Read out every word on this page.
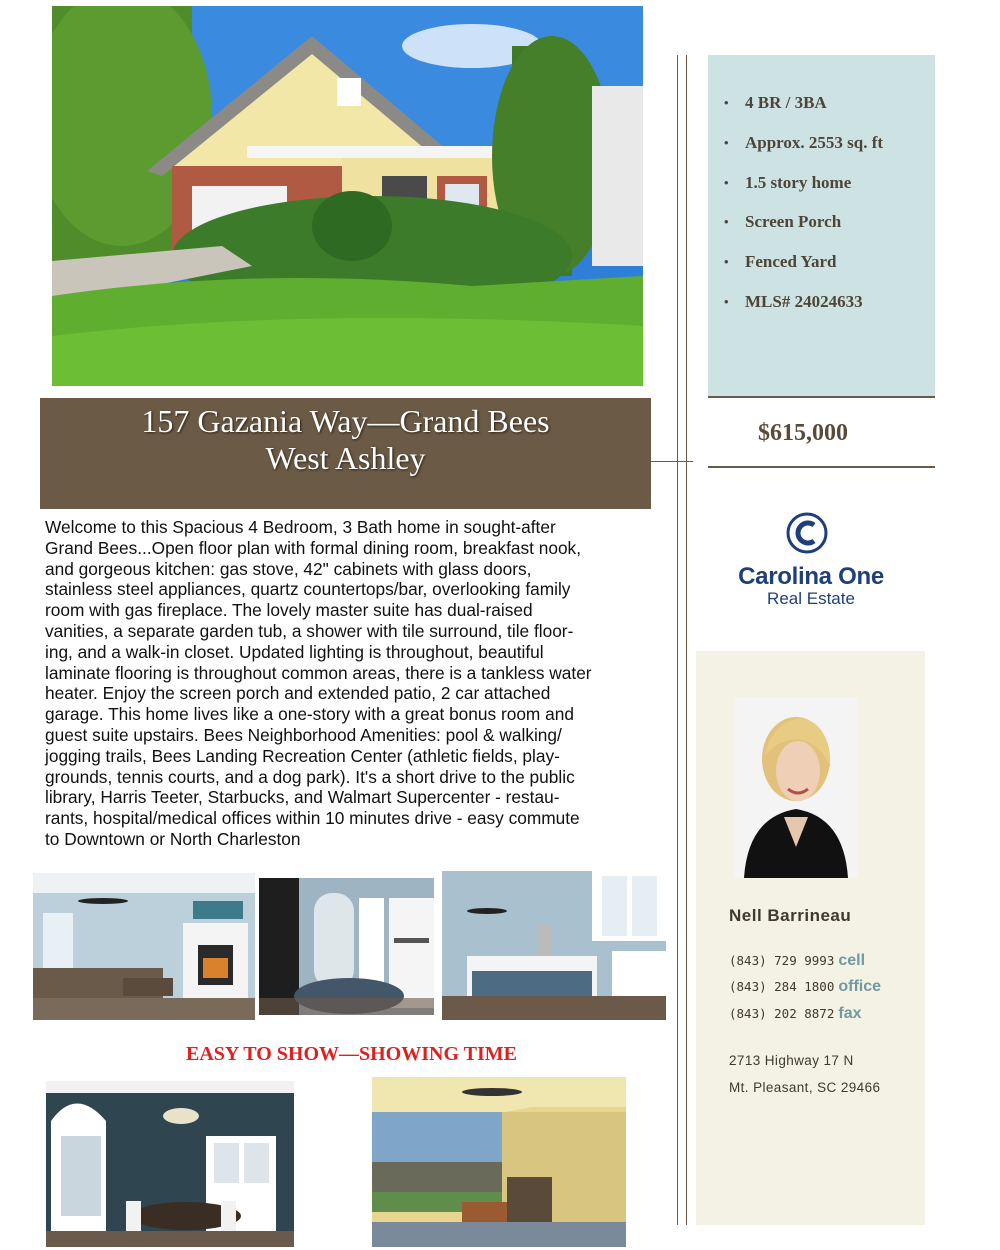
• 4 BR / 3BA
• Approx. 2553 sq. ft
• 1.5 story home
• Screen Porch
• Fenced Yard
• MLS# 24024633
$615,000
Carolina One
Real Estate
Nell Barrineau
(843) 729 9993 cell
(843) 284 1800 office
(843) 202 8872 fax
2713 Highway 17 N
Mt. Pleasant, SC 29466
157 Gazania Way—Grand Bees
West Ashley
Welcome to this Spacious 4 Bedroom, 3 Bath home in sought-after
Grand Bees...Open floor plan with formal dining room, breakfast nook,
and gorgeous kitchen: gas stove, 42" cabinets with glass doors,
stainless steel appliances, quartz countertops/bar, overlooking family
room with gas fireplace. The lovely master suite has dual-raised
vanities, a separate garden tub, a shower with tile surround, tile floor-
ing, and a walk-in closet. Updated lighting is throughout, beautiful
laminate flooring is throughout common areas, there is a tankless water
heater. Enjoy the screen porch and extended patio, 2 car attached
garage. This home lives like a one-story with a great bonus room and
guest suite upstairs. Bees Neighborhood Amenities: pool & walking/
jogging trails, Bees Landing Recreation Center (athletic fields, play-
grounds, tennis courts, and a dog park). It's a short drive to the public
library, Harris Teeter, Starbucks, and Walmart Supercenter - restau-
rants, hospital/medical offices within 10 minutes drive - easy commute
to Downtown or North Charleston
EASY TO SHOW—SHOWING TIME
